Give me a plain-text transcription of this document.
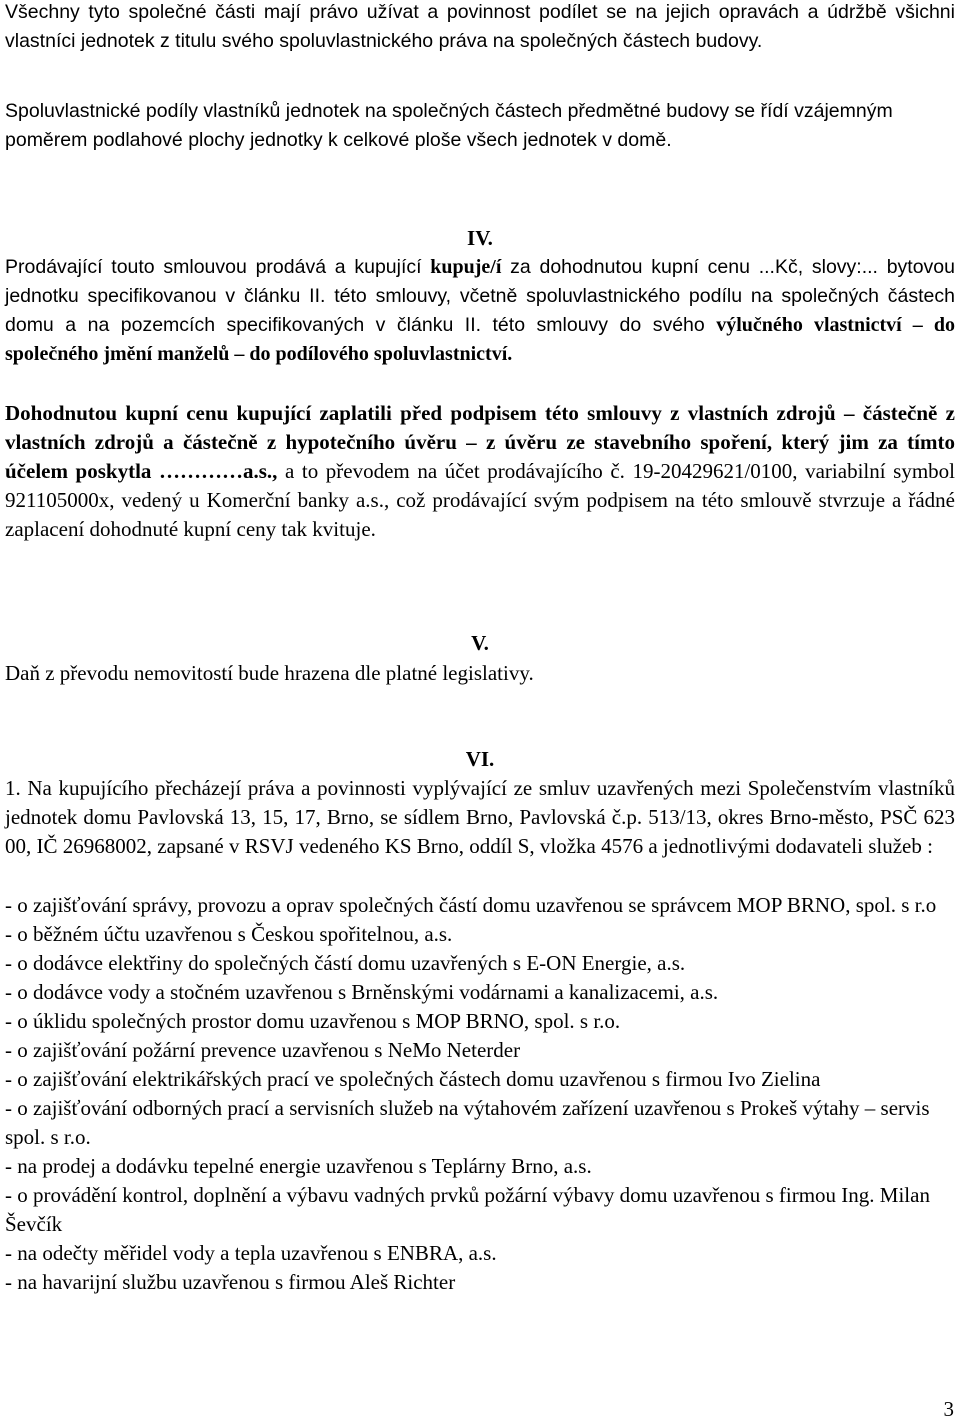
Všechny tyto společné části mají právo užívat a povinnost podílet se na jejich opravách a údržbě všichni vlastníci jednotek z titulu svého spoluvlastnického práva na společných částech budovy.

Spoluvlastnické podíly vlastníků jednotek na společných částech předmětné budovy se řídí vzájemným poměrem podlahové plochy jednotky k celkové ploše všech jednotek v domě.

IV.

Prodávající touto smlouvou prodává a kupující kupuje/í za dohodnutou kupní cenu ...Kč, slovy:... bytovou jednotku specifikovanou v článku II. této smlouvy, včetně spoluvlastnického podílu na společných částech domu a na pozemcích specifikovaných v článku II. této smlouvy do svého výlučného vlastnictví – do společného jmění manželů – do podílového spoluvlastnictví.

Dohodnutou kupní cenu kupující zaplatili před podpisem této smlouvy z vlastních zdrojů – částečně z vlastních zdrojů a částečně z hypotečního úvěru – z úvěru ze stavebního spoření, který jim za tímto účelem poskytla …………a.s., a to převodem na účet prodávajícího č. 19-20429621/0100, variabilní symbol 921105000x, vedený u Komerční banky a.s., což prodávající svým podpisem na této smlouvě stvrzuje a řádné zaplacení dohodnuté kupní ceny tak kvituje.

V.

Daň z převodu nemovitostí bude hrazena dle platné legislativy.

VI.

1. Na kupujícího přecházejí práva a povinnosti vyplývající ze smluv uzavřených mezi Společenstvím vlastníků jednotek domu Pavlovská 13, 15, 17, Brno, se sídlem Brno, Pavlovská č.p. 513/13, okres Brno-město, PSČ 623 00, IČ 26968002, zapsané v RSVJ vedeného KS Brno, oddíl S, vložka 4576 a jednotlivými dodavateli služeb :

- o zajišťování správy, provozu a oprav společných částí domu uzavřenou se správcem MOP BRNO, spol. s r.o
- o běžném účtu uzavřenou s Českou spořitelnou, a.s.
- o dodávce elektřiny do společných částí domu uzavřených s E-ON Energie, a.s.
- o dodávce vody a stočném uzavřenou s Brněnskými vodárnami a kanalizacemi, a.s.
- o úklidu společných prostor domu uzavřenou s MOP BRNO, spol. s r.o.
- o zajišťování požární prevence uzavřenou s NeMo Neterder
- o zajišťování elektrikářských prací ve společných částech domu uzavřenou s firmou Ivo Zielina
- o zajišťování odborných prací a servisních služeb na výtahovém zařízení uzavřenou s Prokeš výtahy – servis spol. s r.o.
- na prodej a dodávku tepelné energie uzavřenou s Teplárny Brno, a.s.
- o provádění kontrol, doplnění a výbavu vadných prvků požární výbavy domu uzavřenou s firmou Ing. Milan Ševčík
- na odečty měřidel vody a tepla uzavřenou s ENBRA, a.s.
- na havarijní službu uzavřenou s firmou Aleš Richter
3
